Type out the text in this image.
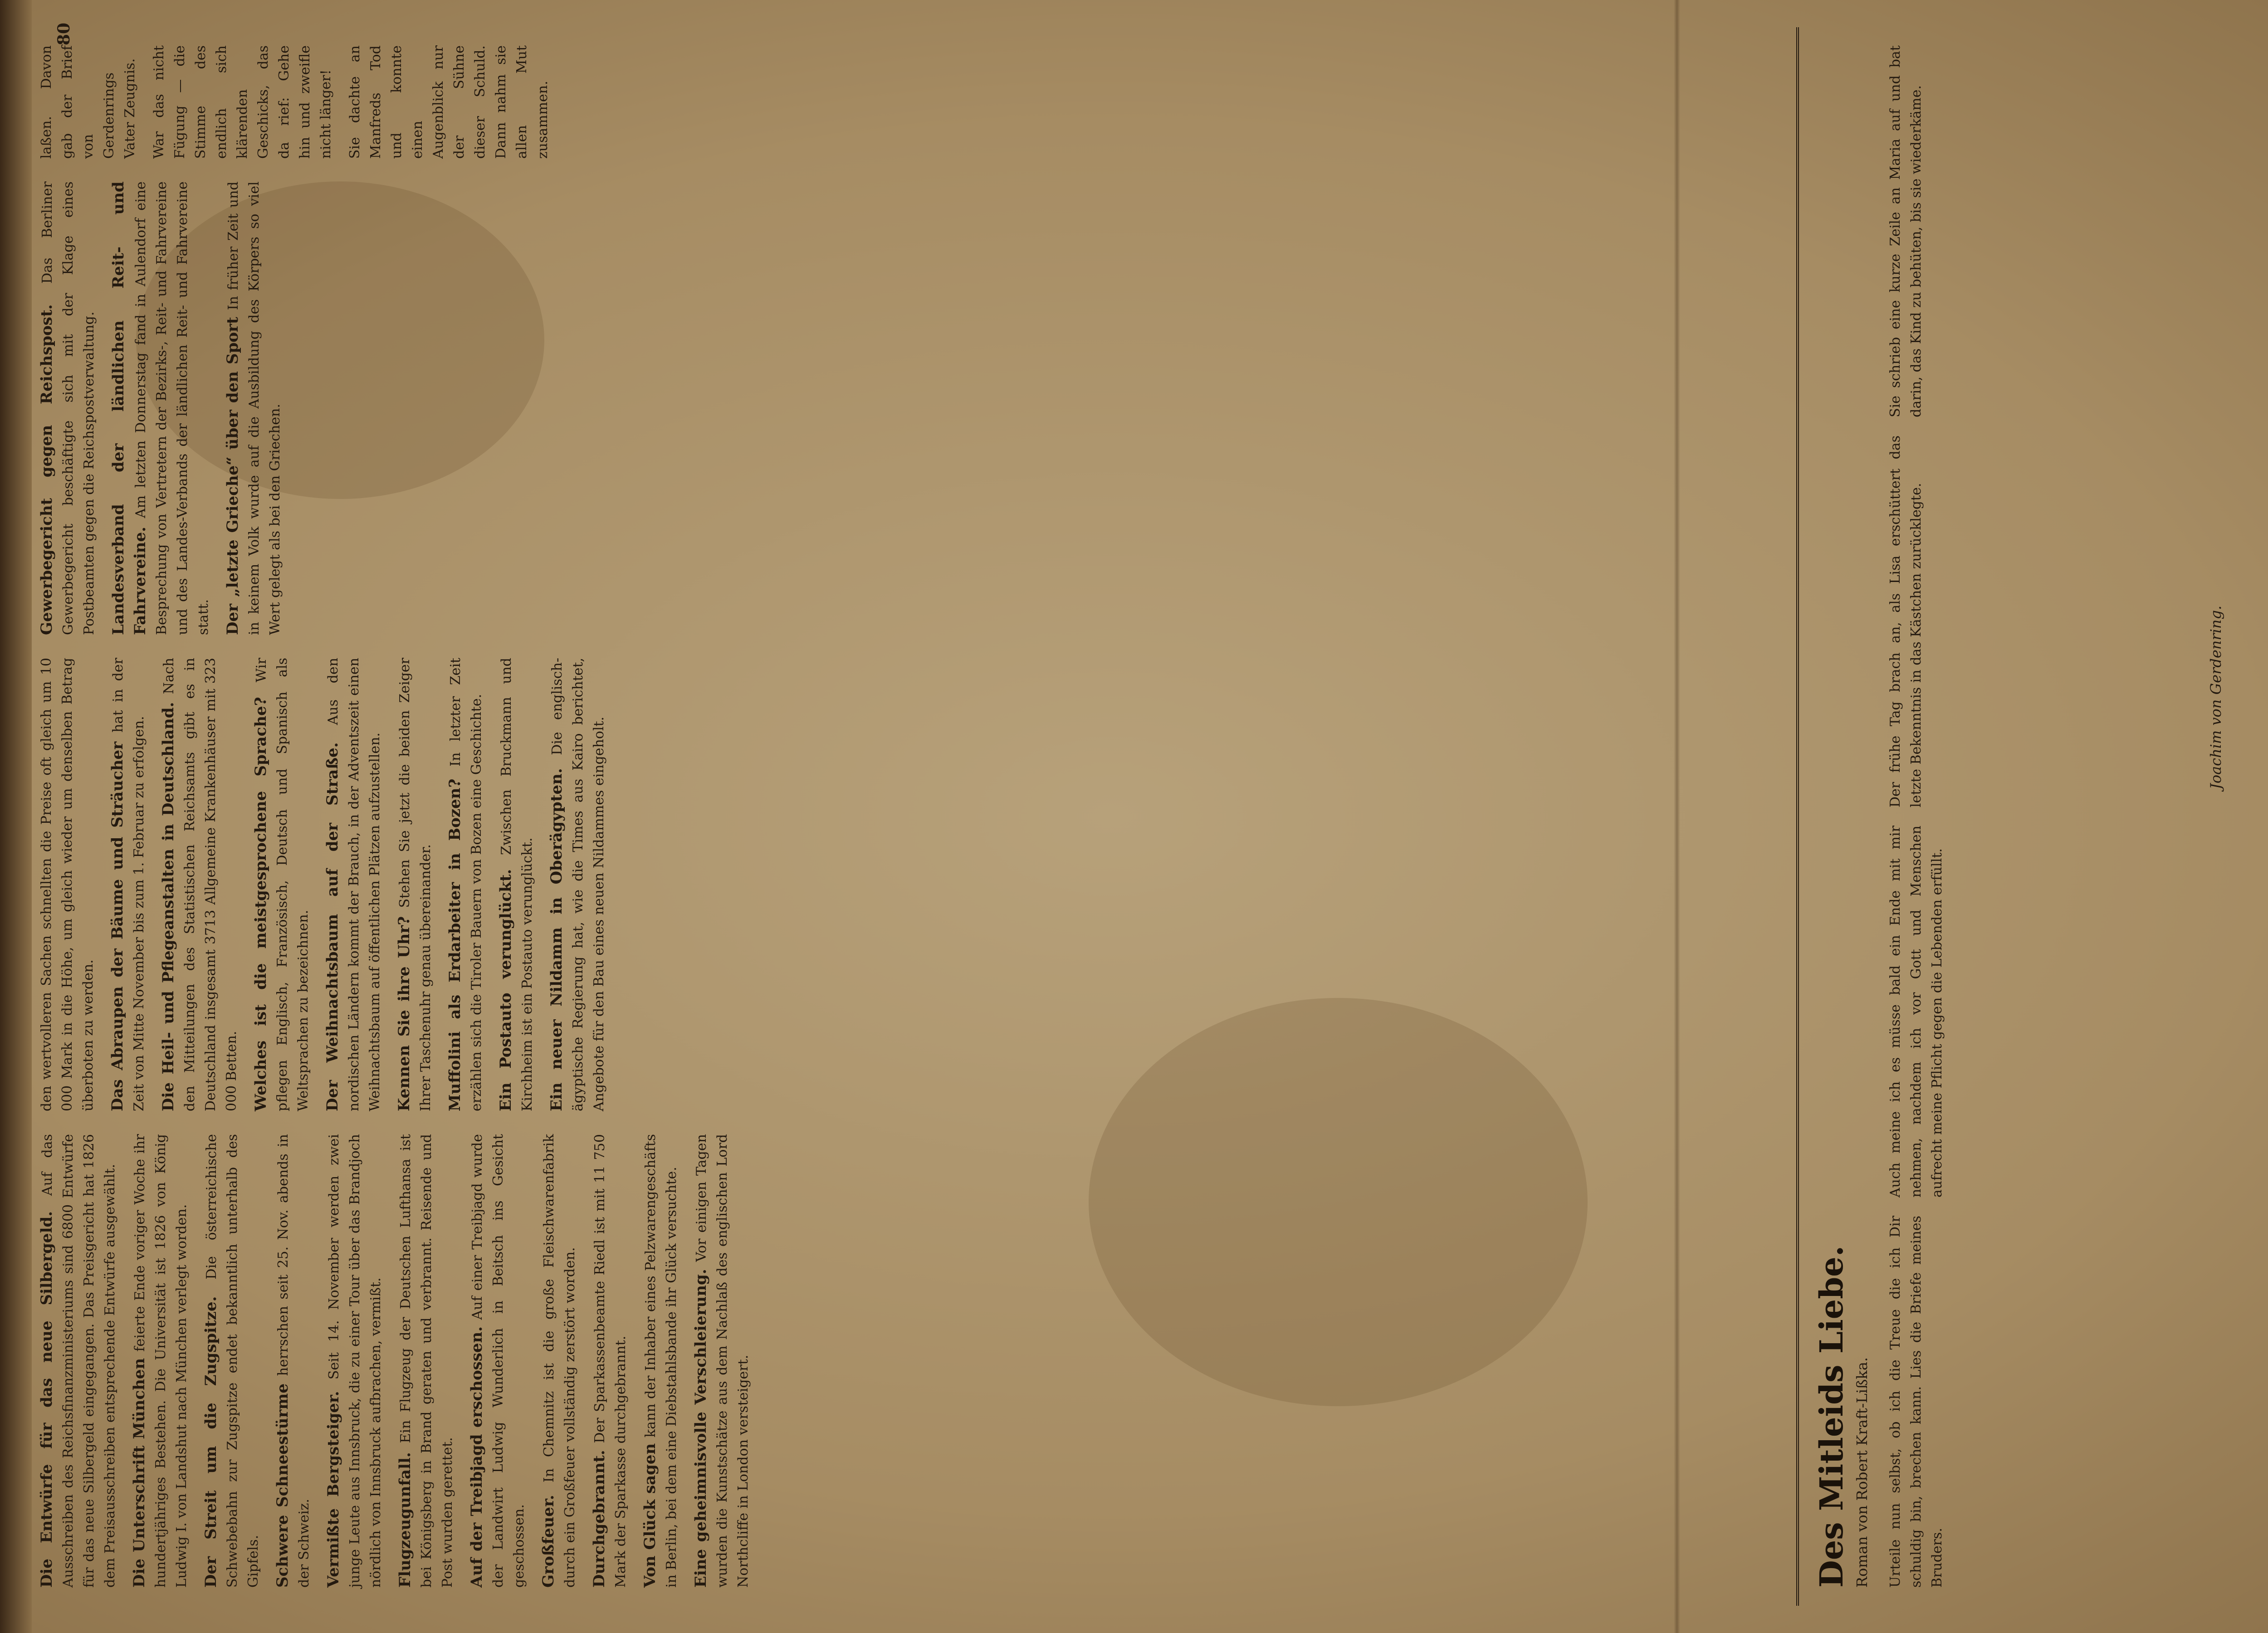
Die Entwürfe für das neue Silbergeld. Auf das Ausschreiben des Reichsfinanzministeriums sind 6800 Entwürfe für das neue Silbergeld eingegangen. Das Preisgericht hat 1826 dem Preisausschreiben entsprechende Entwürfe ausgewählt. Die Unterschrift München feierte Ende voriger Woche ihr hundertjähriges Bestehen. Die Universität ist 1826 von König Ludwig I. von Landshut nach München verlegt worden. Der Streit um die Zugspitze. Die österreichische Schwebebahn zur Zugspitze endet bekanntlich unterhalb des Gipfels. Schwere Schneestürme herrschen seit 25. Nov. abends in der Schweiz. Vermißte Bergsteiger. Seit 14. November werden zwei junge Leute aus Innsbruck, die zu einer Tour über das Brandjoch nördlich von Innsbruck aufbrachen, vermißt. Flugzeugunfall. Ein Flugzeug der Deutschen Lufthansa ist bei Königsberg in Brand geraten und verbrannt. Reisende und Post wurden gerettet. Auf der Treibjagd erschossen. Auf einer Treibjagd wurde der Landwirt Ludwig Wunderlich in Beitsch ins Gesicht geschossen. Großfeuer. In Chemnitz ist die große Fleischwarenfabrik durch ein Großfeuer vollständig zerstört worden. Durchgebrannt. Der Sparkassenbeamte Riedl ist mit 11 750 Mark der Sparkasse durchgebrannt. Von Glück sagen kann der Inhaber eines Pelzwarengeschäfts in Berlin, bei dem eine Diebstahlsbande ihr Glück versuchte. Eine geheimnisvolle Verschleierung. Vor einigen Tagen wurden die Kunstschätze aus dem Nachlaß des englischen Lord Northcliffe in London versteigert.

den wertvolleren Sachen schnellten die Preise oft gleich um 10 000 Mark in die Höhe, um gleich wieder um denselben Betrag überboten zu werden. Das Abraupen der Bäume und Sträucher hat in der Zeit von Mitte November bis zum 1. Februar zu erfolgen. Die Heil- und Pflegeanstalten in Deutschland. Nach den Mitteilungen des Statistischen Reichsamts gibt es in Deutschland insgesamt 3713 Allgemeine Krankenhäuser mit 323 000 Betten. Welches ist die meistgesprochene Sprache? Wir pflegen Englisch, Französisch, Deutsch und Spanisch als Weltsprachen zu bezeichnen. Der Weihnachtsbaum auf der Straße. Aus den nordischen Ländern kommt der Brauch, in der Adventszeit einen Weihnachtsbaum auf öffentlichen Plätzen aufzustellen. Kennen Sie ihre Uhr? Stehen Sie jetzt die beiden Zeiger Ihrer Taschenuhr genau übereinander. Muffolini als Erdarbeiter in Bozen? In letzter Zeit erzählen sich die Tiroler Bauern von Bozen eine Geschichte. Ein Postauto verunglückt. Zwischen Bruckmann und Kirchheim ist ein Postauto verunglückt. Ein neuer Nildamm in Oberägypten. Die englisch-ägyptische Regierung hat, wie die Times aus Kairo berichtet, Angebote für den Bau eines neuen Nildammes eingeholt.

Gewerbegericht gegen Reichspost. Das Berliner Gewerbegericht beschäftigte sich mit der Klage eines Postbeamten gegen die Reichspostverwaltung. Landesverband der ländlichen Reit- und Fahrvereine. Am letzten Donnerstag fand in Aulendorf eine Besprechung von Vertretern der Bezirks-, Reit- und Fahrvereine und des Landes-Verbands der ländlichen Reit- und Fahrvereine statt. Der „letzte Grieche“ über den Sport In früher Zeit und in keinem Volk wurde auf die Ausbildung des Körpers so viel Wert gelegt als bei den Griechen.

laßen. Davon gab der Brief von Gerdenrings Vater Zeugnis. War das nicht Fügung — die Stimme des endlich sich klärenden Geschicks, das da rief: Gehe hin und zweifle nicht länger! Sie dachte an Manfreds Tod und konnte einen Augenblick nur der Sühne dieser Schuld. Dann nahm sie allen Mut zusammen.

Des Mitleids Liebe. Roman von Robert Kraft-Lißka. Urteile nun selbst, ob ich die Treue die ich Dir schuldig bin, brechen kann. Lies die Briefe meines Bruders.
Auch meine ich es müsse bald ein Ende mit mir nehmen, nachdem ich vor Gott und Menschen aufrecht meine Pflicht gegen die Lebenden erfüllt.
Der frühe Tag brach an, als Lisa erschüttert das letzte Bekenntnis in das Kästchen zurücklegte.
Sie schrieb eine kurze Zeile an Maria auf und bat darin, das Kind zu behüten, bis sie wiederkäme.
Joachim von Gerdenring.
80
